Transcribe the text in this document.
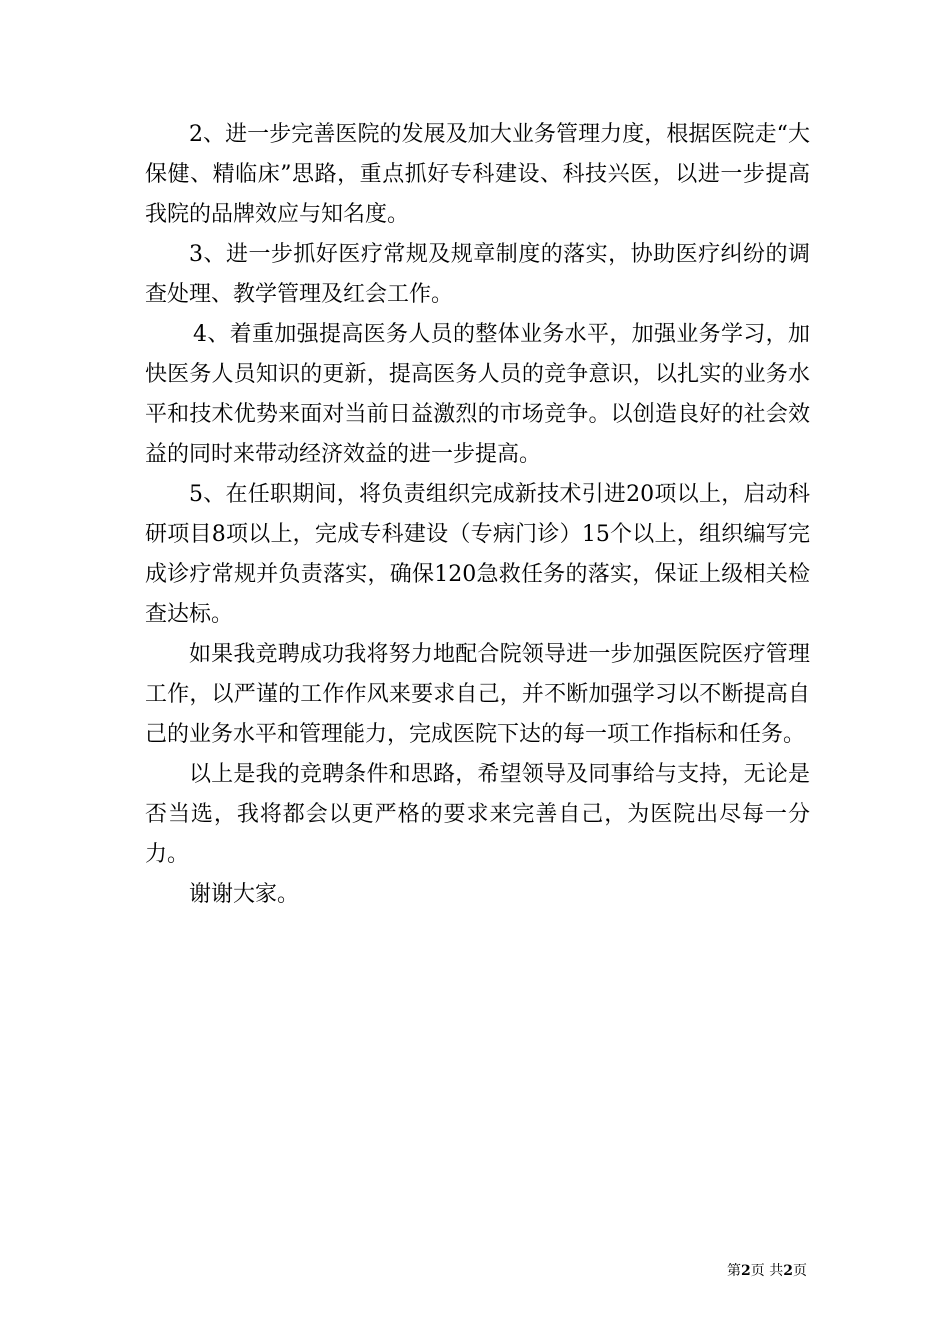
2、进一步完善医院的发展及加大业务管理力度，根据医院走“大保健、精临床”思路，重点抓好专科建设、科技兴医，以进一步提高我院的品牌效应与知名度。

3、进一步抓好医疗常规及规章制度的落实，协助医疗纠纷的调查处理、教学管理及红会工作。

4、着重加强提高医务人员的整体业务水平，加强业务学习，加快医务人员知识的更新，提高医务人员的竞争意识，以扎实的业务水平和技术优势来面对当前日益激烈的市场竞争。以创造良好的社会效益的同时来带动经济效益的进一步提高。

5、在任职期间，将负责组织完成新技术引进20项以上，启动科研项目8项以上，完成专科建设（专病门诊）15个以上，组织编写完成诊疗常规并负责落实，确保120急救任务的落实，保证上级相关检查达标。

如果我竞聘成功我将努力地配合院领导进一步加强医院医疗管理工作，以严谨的工作作风来要求自己，并不断加强学习以不断提高自己的业务水平和管理能力，完成医院下达的每一项工作指标和任务。

以上是我的竞聘条件和思路，希望领导及同事给与支持，无论是否当选，我将都会以更严格的要求来完善自己，为医院出尽每一分力。

谢谢大家。

第2页 共2页
